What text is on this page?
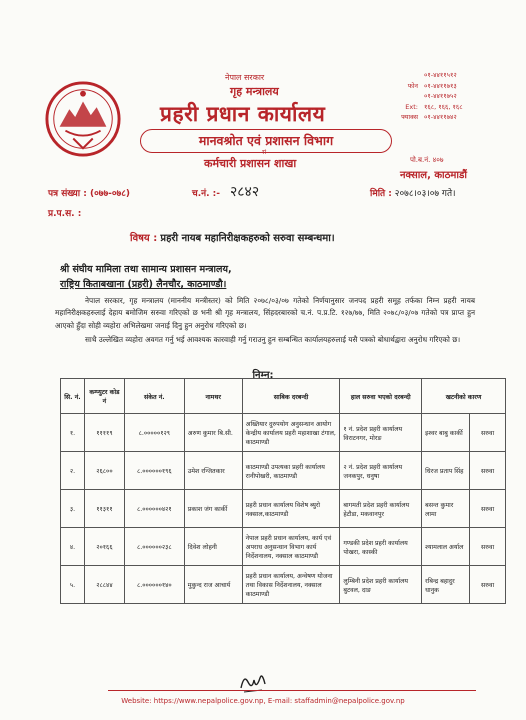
नेपाल सरकार
गृह मन्त्रालय
प्रहरी प्रधान कार्यालय
मानवश्रोत एवं प्रशासन विभाग
सं
कर्मचारी प्रशासन शाखा
०१-४४११५१२
फोन ०१-४४११७१३
०१-४४११७५२
Ext: १६८, १६६, १६८
फ्याक्स ०१-४४११७४२
पो.ब.नं. ४०७
नक्साल, काठमाडौं
पत्र संख्या : (०७७-०७८)	च.नं. :- २८४२	मिति : २०७८।०३।०७ गते।
प्र.प.स. :
विषय : प्रहरी नायब महानिरीक्षकहरुको सरुवा सम्बन्धमा।
श्री संघीय मामिला तथा सामान्य प्रशासन मन्त्रालय,
राष्ट्रिय किताबखाना (प्रहरी) लैनचौर, काठमाण्डौ।

नेपाल सरकार, गृह मन्त्रालय (माननीय मन्त्रीस्तर) को मिति २०७८/०३/०७ गतेको निर्णयानुसार जनपद प्रहरी समूह तर्फका निम्न प्रहरी नायब महानिरीक्षकहरुलाई देहाय बमोजिम सरुवा गरिएको छ भनी श्री गृह मन्त्रालय, सिंहदरबारको च.नं. प.प्र.टि. १२७/७७, मिति २०७८/०३/०७ गतेको पत्र प्राप्त हुन आएको हुँदा सोही व्यहोरा अभिलेखमा जनाई दिनु हुन अनुरोध गरिएको छ।

साथै उल्लेखित व्यहोरा अवगत गर्नु भई आवश्यक कारवाही गर्नु गराउनु हुन सम्बन्धित कार्यालयहरुलाई यसै पत्रको बोधार्थद्वारा अनुरोध गरिएको छ।

निम्न:
सि. नं.	कम्प्युटर कोड नं	संकेत नं.	नामथर	साबिक दरबन्दी	हाल सरुवा भएको दरबन्दी	खटनीको कारण	
१.	११११९	८.०००००१२९	अरुण कुमार बि.सी.	अख्तियार दुरुपयोग अनुसन्धान आयोग केन्द्रीय कार्यालय प्रहरी महाशाखा टंगाल, काठमाण्डौ	१ नं. प्रदेश प्रहरी कार्यालय विराटनगर, मोरङ	इश्वर बाबु कार्की	सरुवा
२.	२६८००	८.००००००१९६	उमेश रन्जितकार	काठमाण्डौ उपत्यका प्रहरी कार्यालय रानीपोखरी, काठमाण्डौ	२ नं. प्रदेश प्रहरी कार्यालय जनकपुर, धनुषा	धिरज प्रताप सिंह	सरुवा
३.	११३११	८.००००००४२१	प्रकाश जंग कार्की	प्रहरी प्रधान कार्यालय विशेष ब्युरो नक्साल,काठमाण्डौ	बागमती प्रदेश प्रहरी कार्यालय हेटौडा, मकवानपुर	बसन्त कुमार लामा	सरुवा
४.	२०१६६	८.००००००२३८	दिवेश लोहनी	नेपाल प्रहरी प्रधान कार्यालय, कार्य एवं अपराध अनुसन्धान विभाग कार्य निर्देशनालय, नक्साल काठमाण्डौ	गण्डकी प्रदेश प्रहरी कार्यालय पोखरा, कास्की	श्यामलाल अर्याल	सरुवा
५.	२८८४४	८.००००००१४०	मुकुन्द राज आचार्य	प्रहरी प्रधान कार्यालय, अन्वेषण योजना तथा विकास निर्देशनालय, नक्साल काठमाण्डौ	लुम्बिनी प्रदेश प्रहरी कार्यालय बुटवल, दाङ	रबिन्द्र बहादुर धानुक	सरुवा
Website: https://www.nepalpolice.gov.np, E-mail: staffadmin@nepalpolice.gov.np
